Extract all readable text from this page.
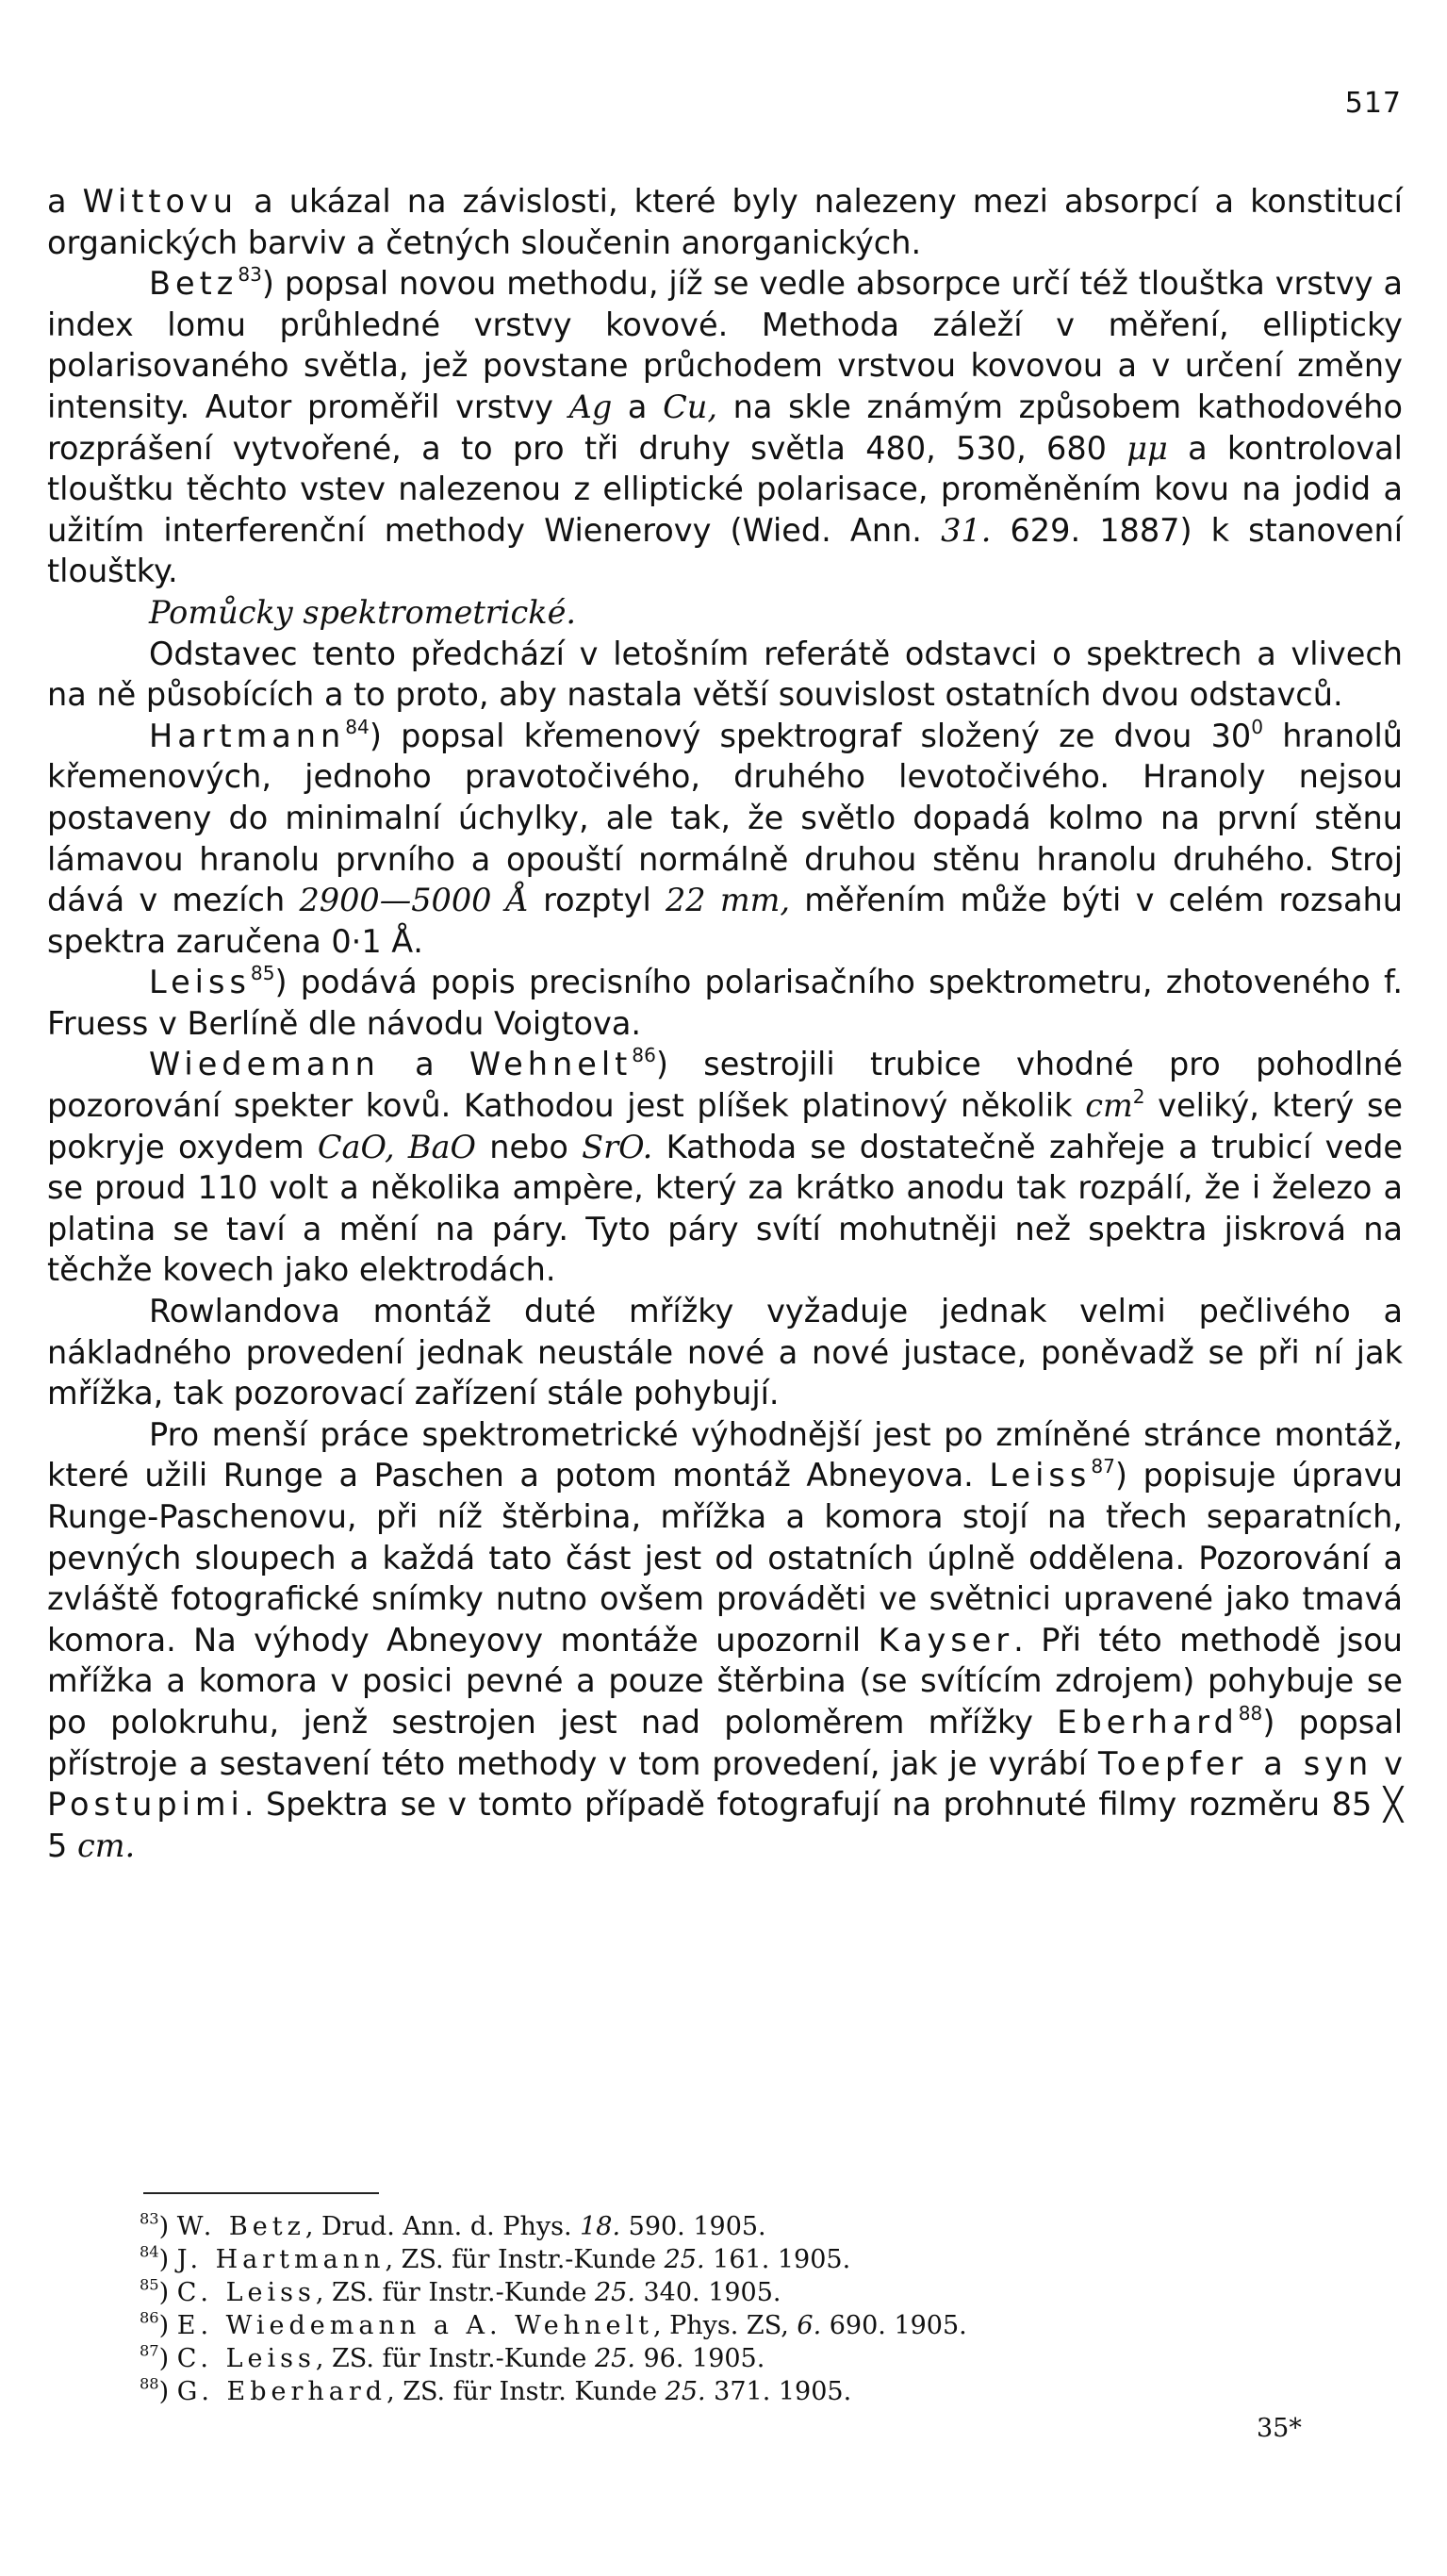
517

a Wittovu a ukázal na závislosti, které byly nalezeny mezi absorpcí a konstitucí organických barviv a četných sloučenin anorganických.

Betz$^{83}$) popsal novou methodu, jíž se vedle absorpce určí též tlouštka vrstvy a index lomu průhledné vrstvy kovové. Methoda záleží v měření, ellipticky polarisovaného světla, jež povstane průchodem vrstvou kovovou a v určení změny intensity. Autor proměřil vrstvy Ag a Cu, na skle známým způsobem kathodového rozprášení vytvořené, a to pro tři druhy světla 480, 530, 680 μμ a kontroloval tlouštku těchto vstev nalezenou z elliptické polarisace, proměněním kovu na jodid a užitím interferenční methody Wienerovy (Wied. Ann. 31. 629. 1887) k stanovení tlouštky.

Pomůcky spektrometrické.

Odstavec tento předchází v letošním referátě odstavci o spektrech a vlivech na ně působících a to proto, aby nastala větší souvislost ostatních dvou odstavců.

Hartmann$^{84}$) popsal křemenový spektrograf složený ze dvou $30^0$ hranolů křemenových, jednoho pravotočivého, druhého levotočivého. Hranoly nejsou postaveny do minimalní úchylky, ale tak, že světlo dopadá kolmo na první stěnu lámavou hranolu prvního a opouští normálně druhou stěnu hranolu druhého. Stroj dává v mezích 2900—5000 Å rozptyl 22 mm, měřením může býti v celém rozsahu spektra zaručena 0·1 Å.

Leiss$^{85}$) podává popis precisního polarisačního spektrometru, zhotoveného f. Fruess v Berlíně dle návodu Voigtova.

Wiedemann a Wehnelt$^{86}$) sestrojili trubice vhodné pro pohodlné pozorování spekter kovů. Kathodou jest plíšek platinový několik $cm^2$ veliký, který se pokryje oxydem CaO, BaO nebo SrO. Kathoda se dostatečně zahřeje a trubicí vede se proud 110 volt a několika ampère, který za krátko anodu tak rozpálí, že i železo a platina se taví a mění na páry. Tyto páry svítí mohutněji než spektra jiskrová na těchže kovech jako elektrodách.

Rowlandova montáž duté mřížky vyžaduje jednak velmi pečlivého a nákladného provedení jednak neustále nové a nové justace, poněvadž se při ní jak mřížka, tak pozorovací zařízení stále pohybují.

Pro menší práce spektrometrické výhodnější jest po zmíněné stránce montáž, které užili Runge a Paschen a potom montáž Abneyova. Leiss$^{87}$) popisuje úpravu Runge-Paschenovu, při níž štěrbina, mřížka a komora stojí na třech separatních, pevných sloupech a každá tato část jest od ostatních úplně oddělena. Pozorování a zvláště fotografické snímky nutno ovšem prováděti ve světnici upravené jako tmavá komora. Na výhody Abneyovy montáže upozornil Kayser. Při této methodě jsou mřížka a komora v posici pevné a pouze štěrbina (se svítícím zdrojem) pohybuje se po polokruhu, jenž sestrojen jest nad poloměrem mřížky Eberhard$^{88}$) popsal přístroje a sestavení této methody v tom provedení, jak je vyrábí Toepfer a syn v Postupimi. Spektra se v tomto případě fotografují na prohnuté filmy rozměru 85 ╳ 5 cm.

$^{83}$) W. Betz, Drud. Ann. d. Phys. 18. 590. 1905.
$^{84}$) J. Hartmann, ZS. für Instr.-Kunde 25. 161. 1905.
$^{85}$) C. Leiss, ZS. für Instr.-Kunde 25. 340. 1905.
$^{86}$) E. Wiedemann a A. Wehnelt, Phys. ZS, 6. 690. 1905.
$^{87}$) C. Leiss, ZS. für Instr.-Kunde 25. 96. 1905.
$^{88}$) G. Eberhard, ZS. für Instr. Kunde 25. 371. 1905.
35*
